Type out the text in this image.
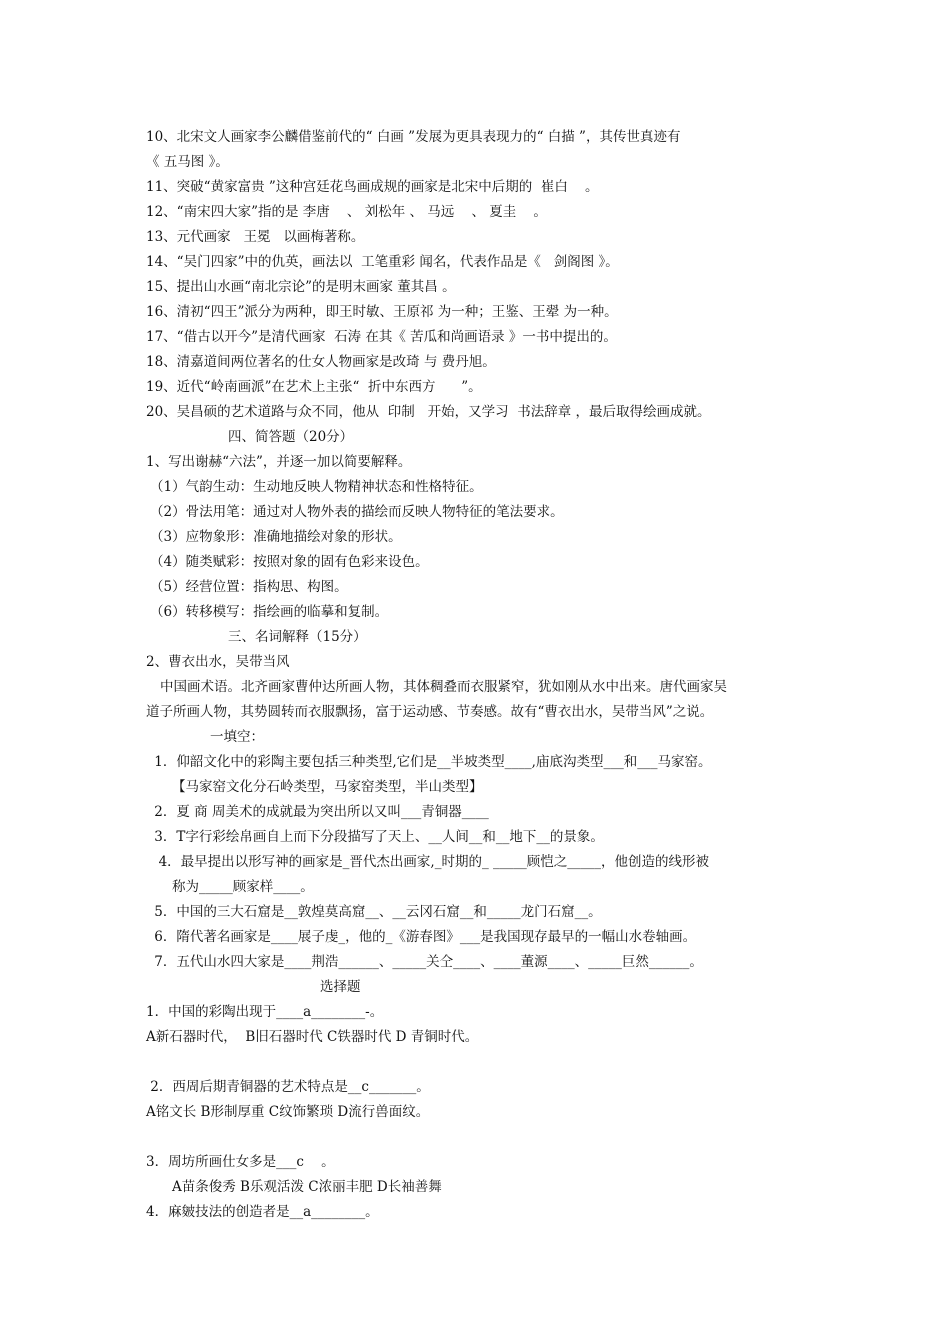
10、北宋文人画家李公麟借鉴前代的“ 白画 ”发展为更具表现力的“ 白描 ”，其传世真迹有
《 五马图 》。
11、突破“黄家富贵 ”这种宫廷花鸟画成规的画家是北宋中后期的  崔白    。
12、“南宋四大家”指的是 李唐    、 刘松年 、 马远    、 夏圭    。
13、元代画家   王冕   以画梅著称。
14、“吴门四家”中的仇英，画法以  工笔重彩 闻名，代表作品是《   剑阁图 》。
15、提出山水画“南北宗论”的是明末画家 董其昌 。
16、清初“四王”派分为两种，即王时敏、王原祁 为一种；王鉴、王翚 为一种。
17、“借古以开今”是清代画家  石涛 在其《 苦瓜和尚画语录 》一书中提出的。
18、清嘉道间两位著名的仕女人物画家是改琦 与 费丹旭。
19、近代“岭南画派”在艺术上主张“  折中东西方      ”。
20、吴昌硕的艺术道路与众不同，他从  印制   开始，又学习  书法辞章 ，最后取得绘画成就。
四、简答题（20分）
1、写出谢赫“六法”，并逐一加以简要解释。
（1）气韵生动：生动地反映人物精神状态和性格特征。
（2）骨法用笔：通过对人物外表的描绘而反映人物特征的笔法要求。
（3）应物象形：准确地描绘对象的形状。
（4）随类赋彩：按照对象的固有色彩来设色。
（5）经营位置：指构思、构图。
（6）转移模写：指绘画的临摹和复制。
三、名词解释（15分）
2、曹衣出水，吴带当风
中国画术语。北齐画家曹仲达所画人物，其体稠叠而衣服紧窄，犹如刚从水中出来。唐代画家吴
道子所画人物，其势圆转而衣服飘扬，富于运动感、节奏感。故有“曹衣出水，吴带当风”之说。
一填空：
1．仰韶文化中的彩陶主要包括三种类型,它们是__半坡类型____,庙底沟类型___和___马家窑。
【马家窑文化分石岭类型，马家窑类型，半山类型】
2．夏 商 周美术的成就最为突出所以又叫___青铜器____
3．T字行彩绘帛画自上而下分段描写了天上、__人间__和__地下__的景象。
4．最早提出以形写神的画家是_晋代杰出画家,_时期的_ _____顾恺之_____，他创造的线形被
称为_____顾家样____。
5．中国的三大石窟是__敦煌莫高窟__、__云冈石窟__和_____龙门石窟__。
6．隋代著名画家是____展子虔_，他的_《游春图》___是我国现存最早的一幅山水卷轴画。
7．五代山水四大家是____荆浩______、_____关仝____、____董源____、_____巨然______。
选择题
1．中国的彩陶出现于____a________-。
A新石器时代，  B旧石器时代 C铁器时代 D 青铜时代。
2．西周后期青铜器的艺术特点是__c_______。
A铭文长 B形制厚重 C纹饰繁琐 D流行兽面纹。
3．周坊所画仕女多是___c    。
A苗条俊秀 B乐观活泼 C浓丽丰肥 D长袖善舞
4．麻皴技法的创造者是__a________。
